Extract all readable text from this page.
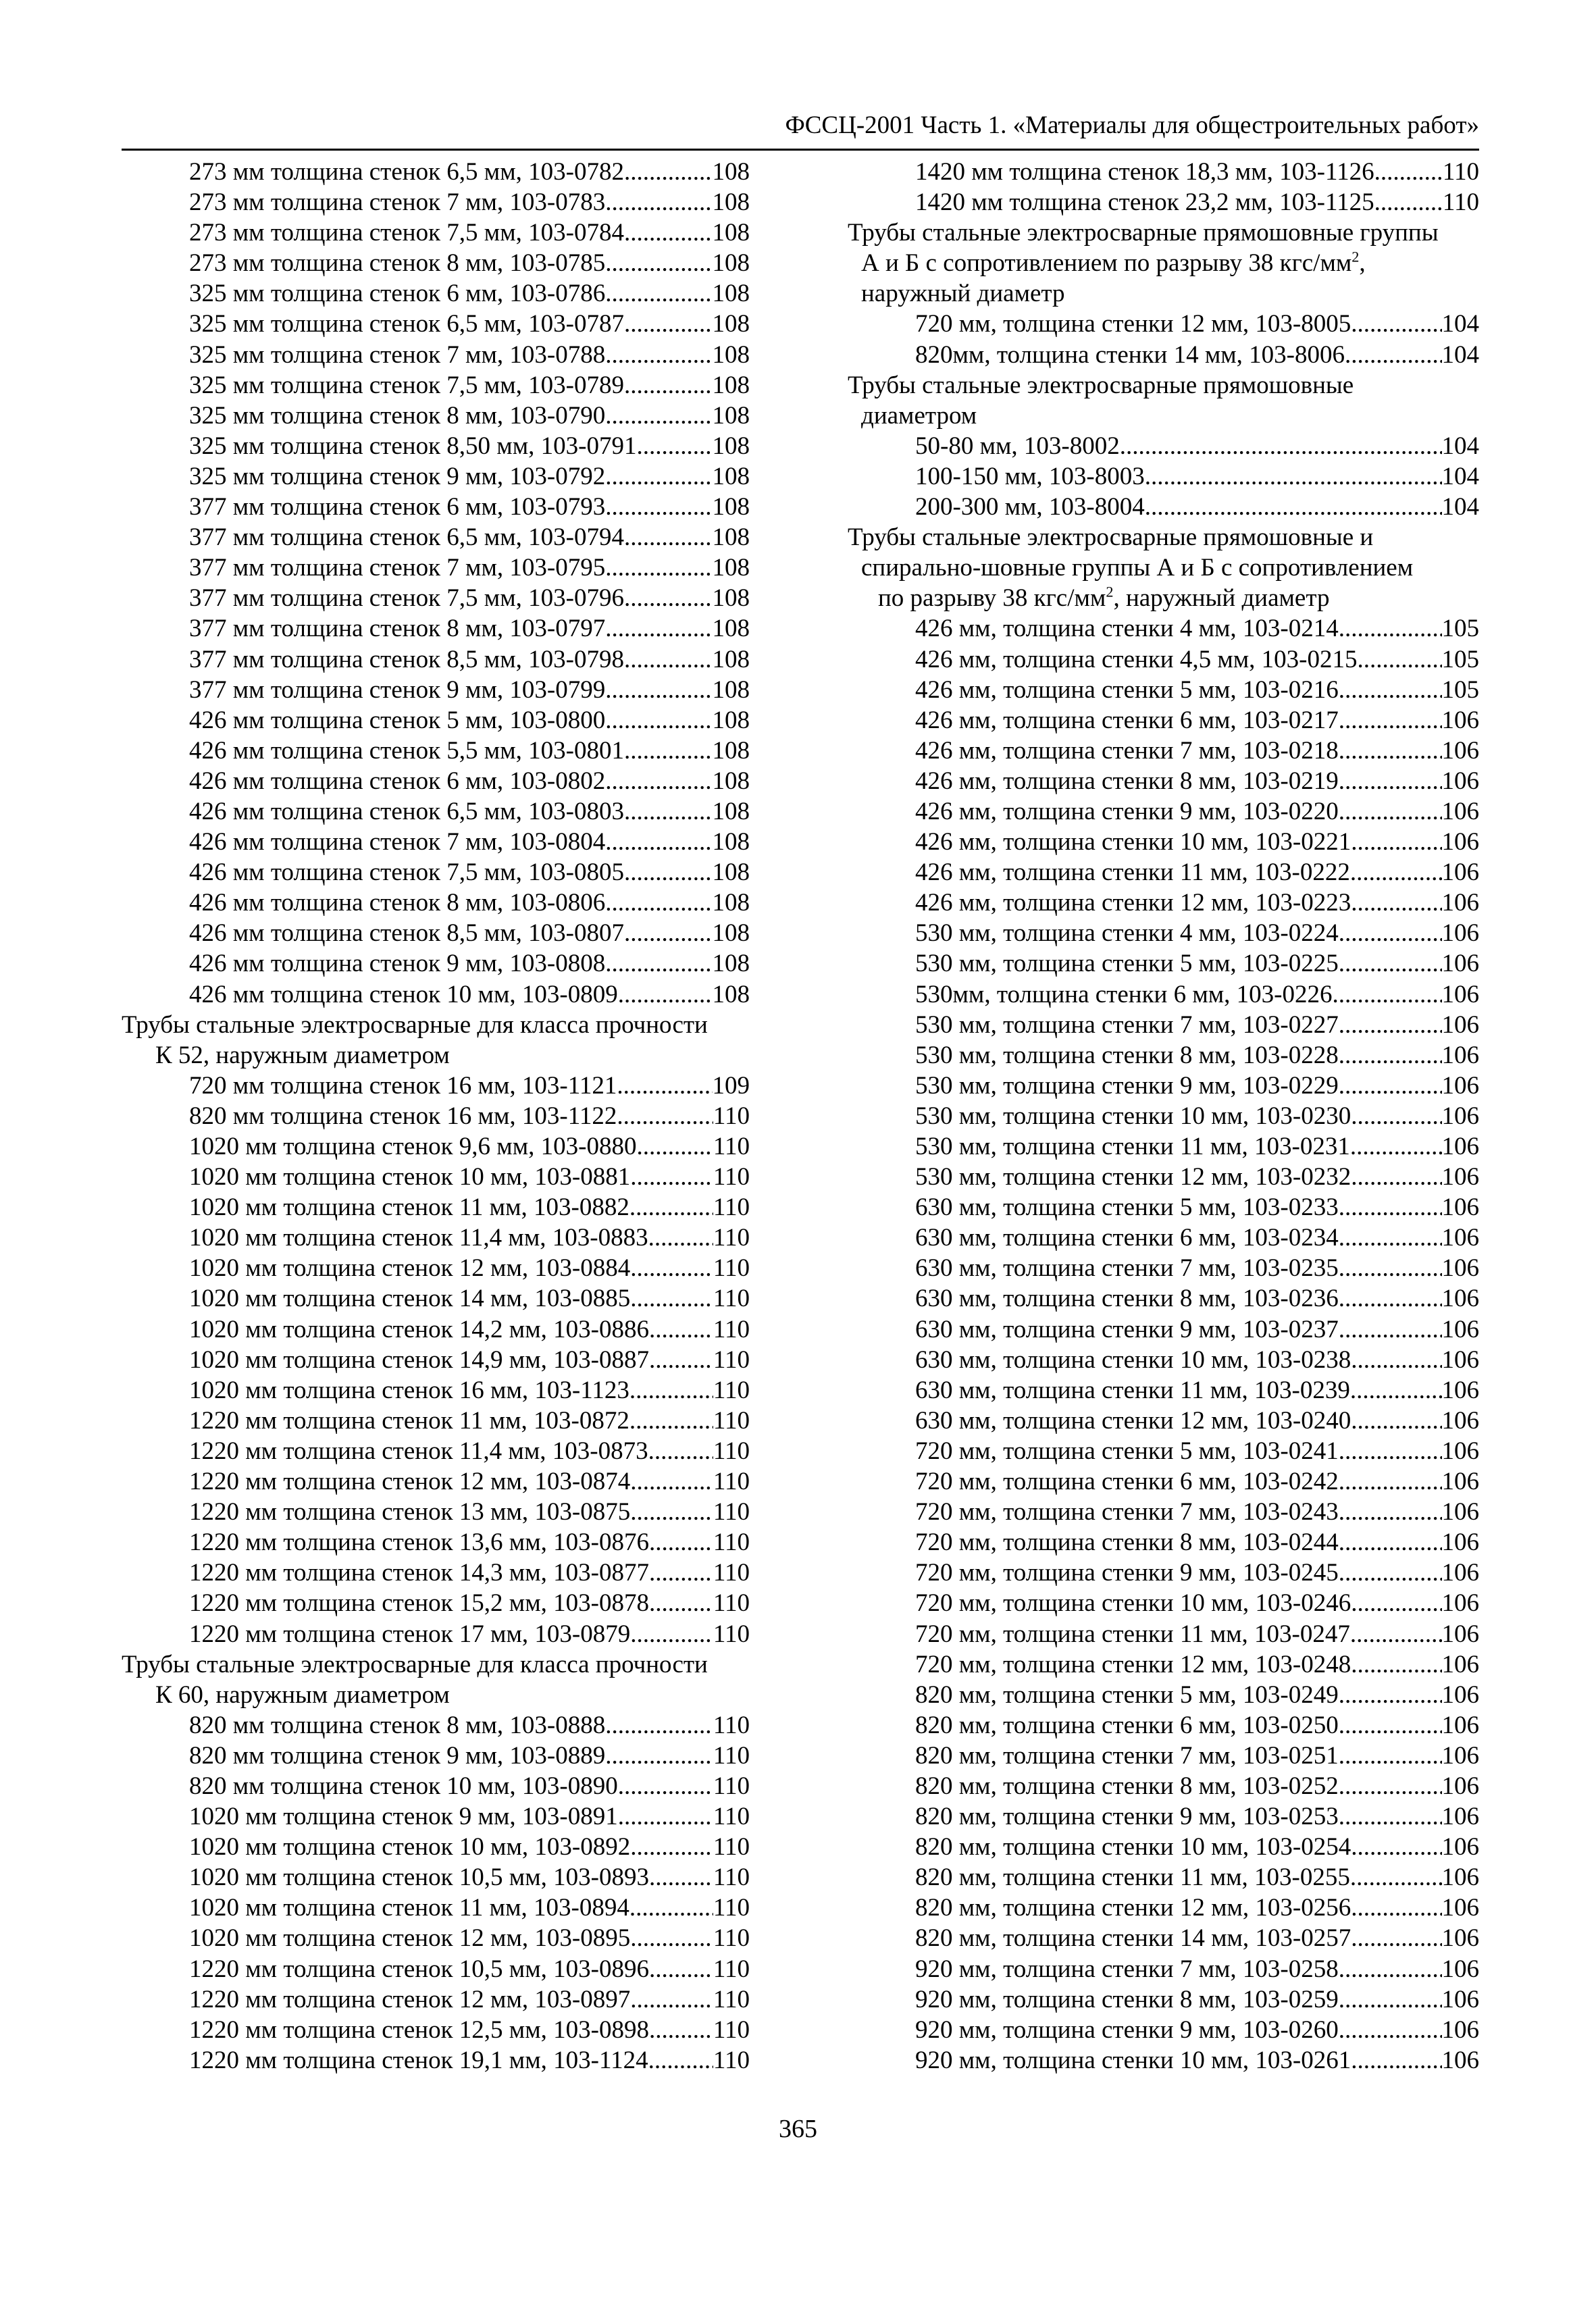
ФССЦ-2001 Часть 1. «Материалы для общестроительных работ»
273 мм толщина стенок 6,5 мм, 103-0782 .....	108
273 мм толщина стенок 7 мм, 103-0783 .....	108
273 мм толщина стенок 7,5 мм, 103-0784 .....	108
273 мм толщина стенок 8 мм, 103-0785 .....	108
325 мм толщина стенок 6 мм, 103-0786 .....	108
325 мм толщина стенок 6,5 мм, 103-0787 .....	108
325 мм толщина стенок 7 мм, 103-0788 .....	108
325 мм толщина стенок 7,5 мм, 103-0789 .....	108
325 мм толщина стенок 8 мм, 103-0790 .....	108
325 мм толщина стенок 8,50 мм, 103-0791 .....	108
325 мм толщина стенок 9 мм, 103-0792 .....	108
377 мм толщина стенок 6 мм, 103-0793 .....	108
377 мм толщина стенок 6,5 мм, 103-0794 .....	108
377 мм толщина стенок 7 мм, 103-0795 .....	108
377 мм толщина стенок 7,5 мм, 103-0796 .....	108
377 мм толщина стенок 8 мм, 103-0797 .....	108
377 мм толщина стенок 8,5 мм, 103-0798 .....	108
377 мм толщина стенок 9 мм, 103-0799 .....	108
426 мм толщина стенок 5 мм, 103-0800 .....	108
426 мм толщина стенок 5,5 мм, 103-0801 .....	108
426 мм толщина стенок 6 мм, 103-0802 .....	108
426 мм толщина стенок 6,5 мм, 103-0803 .....	108
426 мм толщина стенок 7 мм, 103-0804 .....	108
426 мм толщина стенок 7,5 мм, 103-0805 .....	108
426 мм толщина стенок 8 мм, 103-0806 .....	108
426 мм толщина стенок 8,5 мм, 103-0807 .....	108
426 мм толщина стенок 9 мм, 103-0808 .....	108
426 мм толщина стенок 10 мм, 103-0809 .....	108
Трубы стальные электросварные для класса прочности
К 52, наружным диаметром
720 мм толщина стенок 16 мм, 103-1121 .....	109
820 мм толщина стенок 16 мм, 103-1122 .....	110
1020 мм толщина стенок 9,6 мм, 103-0880 .....	110
1020 мм толщина стенок 10 мм, 103-0881 .....	110
1020 мм толщина стенок 11 мм, 103-0882 .....	110
1020 мм толщина стенок 11,4 мм, 103-0883 .....	110
1020 мм толщина стенок 12 мм, 103-0884 .....	110
1020 мм толщина стенок 14 мм, 103-0885 .....	110
1020 мм толщина стенок 14,2 мм, 103-0886 .....	110
1020 мм толщина стенок 14,9 мм, 103-0887 .....	110
1020 мм толщина стенок 16 мм, 103-1123 .....	110
1220 мм толщина стенок 11 мм, 103-0872 .....	110
1220 мм толщина стенок 11,4 мм, 103-0873 .....	110
1220 мм толщина стенок 12 мм, 103-0874 .....	110
1220 мм толщина стенок 13 мм, 103-0875 .....	110
1220 мм толщина стенок 13,6 мм, 103-0876 .....	110
1220 мм толщина стенок 14,3 мм, 103-0877 .....	110
1220 мм толщина стенок 15,2 мм, 103-0878 .....	110
1220 мм толщина стенок 17 мм, 103-0879 .....	110
Трубы стальные электросварные для класса прочности
К 60, наружным диаметром
820 мм толщина стенок 8 мм, 103-0888 .....	110
820 мм толщина стенок 9 мм, 103-0889 .....	110
820 мм толщина стенок 10 мм, 103-0890 .....	110
1020 мм толщина стенок 9 мм, 103-0891 .....	110
1020 мм толщина стенок 10 мм, 103-0892 .....	110
1020 мм толщина стенок 10,5 мм, 103-0893 .....	110
1020 мм толщина стенок 11 мм, 103-0894 .....	110
1020 мм толщина стенок 12 мм, 103-0895 .....	110
1220 мм толщина стенок 10,5 мм, 103-0896 .....	110
1220 мм толщина стенок 12 мм, 103-0897 .....	110
1220 мм толщина стенок 12,5 мм, 103-0898 .....	110
1220 мм толщина стенок 19,1 мм, 103-1124 .....	110
1420 мм толщина стенок 18,3 мм, 103-1126 .....	110
1420 мм толщина стенок 23,2 мм, 103-1125 .....	110
Трубы стальные электросварные прямошовные группы
А и Б с сопротивлением по разрыву 38 кгс/$мм^2$,
наружный диаметр
720 мм, толщина стенки 12 мм, 103-8005 .....	104
820мм, толщина стенки 14 мм, 103-8006 .....	104
Трубы стальные электросварные прямошовные
диаметром
50-80 мм, 103-8002 .....	104
100-150 мм, 103-8003 .....	104
200-300 мм, 103-8004 .....	104
Трубы стальные электросварные прямошовные и
спирально-шовные группы А и Б с сопротивлением
по разрыву 38 кгс/$мм^2$, наружный диаметр
426 мм, толщина стенки 4 мм, 103-0214 .....	105
426 мм, толщина стенки 4,5 мм, 103-0215 .....	105
426 мм, толщина стенки 5 мм, 103-0216 .....	105
426 мм, толщина стенки 6 мм, 103-0217 .....	106
426 мм, толщина стенки 7 мм, 103-0218 .....	106
426 мм, толщина стенки 8 мм, 103-0219 .....	106
426 мм, толщина стенки 9 мм, 103-0220 .....	106
426 мм, толщина стенки 10 мм, 103-0221 .....	106
426 мм, толщина стенки 11 мм, 103-0222 .....	106
426 мм, толщина стенки 12 мм, 103-0223 .....	106
530 мм, толщина стенки 4 мм, 103-0224 .....	106
530 мм, толщина стенки 5 мм, 103-0225 .....	106
530мм, толщина стенки 6 мм, 103-0226 .....	106
530 мм, толщина стенки 7 мм, 103-0227 .....	106
530 мм, толщина стенки 8 мм, 103-0228 .....	106
530 мм, толщина стенки 9 мм, 103-0229 .....	106
530 мм, толщина стенки 10 мм, 103-0230 .....	106
530 мм, толщина стенки 11 мм, 103-0231 .....	106
530 мм, толщина стенки 12 мм, 103-0232 .....	106
630 мм, толщина стенки 5 мм, 103-0233 .....	106
630 мм, толщина стенки 6 мм, 103-0234 .....	106
630 мм, толщина стенки 7 мм, 103-0235 .....	106
630 мм, толщина стенки 8 мм, 103-0236 .....	106
630 мм, толщина стенки 9 мм, 103-0237 .....	106
630 мм, толщина стенки 10 мм, 103-0238 .....	106
630 мм, толщина стенки 11 мм, 103-0239 .....	106
630 мм, толщина стенки 12 мм, 103-0240 .....	106
720 мм, толщина стенки 5 мм, 103-0241 .....	106
720 мм, толщина стенки 6 мм, 103-0242 .....	106
720 мм, толщина стенки 7 мм, 103-0243 .....	106
720 мм, толщина стенки 8 мм, 103-0244 .....	106
720 мм, толщина стенки 9 мм, 103-0245 .....	106
720 мм, толщина стенки 10 мм, 103-0246 .....	106
720 мм, толщина стенки 11 мм, 103-0247 .....	106
720 мм, толщина стенки 12 мм, 103-0248 .....	106
820 мм, толщина стенки 5 мм, 103-0249 .....	106
820 мм, толщина стенки 6 мм, 103-0250 .....	106
820 мм, толщина стенки 7 мм, 103-0251 .....	106
820 мм, толщина стенки 8 мм, 103-0252 .....	106
820 мм, толщина стенки 9 мм, 103-0253 .....	106
820 мм, толщина стенки 10 мм, 103-0254 .....	106
820 мм, толщина стенки 11 мм, 103-0255 .....	106
820 мм, толщина стенки 12 мм, 103-0256 .....	106
820 мм, толщина стенки 14 мм, 103-0257 .....	106
920 мм, толщина стенки 7 мм, 103-0258 .....	106
920 мм, толщина стенки 8 мм, 103-0259 .....	106
920 мм, толщина стенки 9 мм, 103-0260 .....	106
920 мм, толщина стенки 10 мм, 103-0261 .....	106
365
